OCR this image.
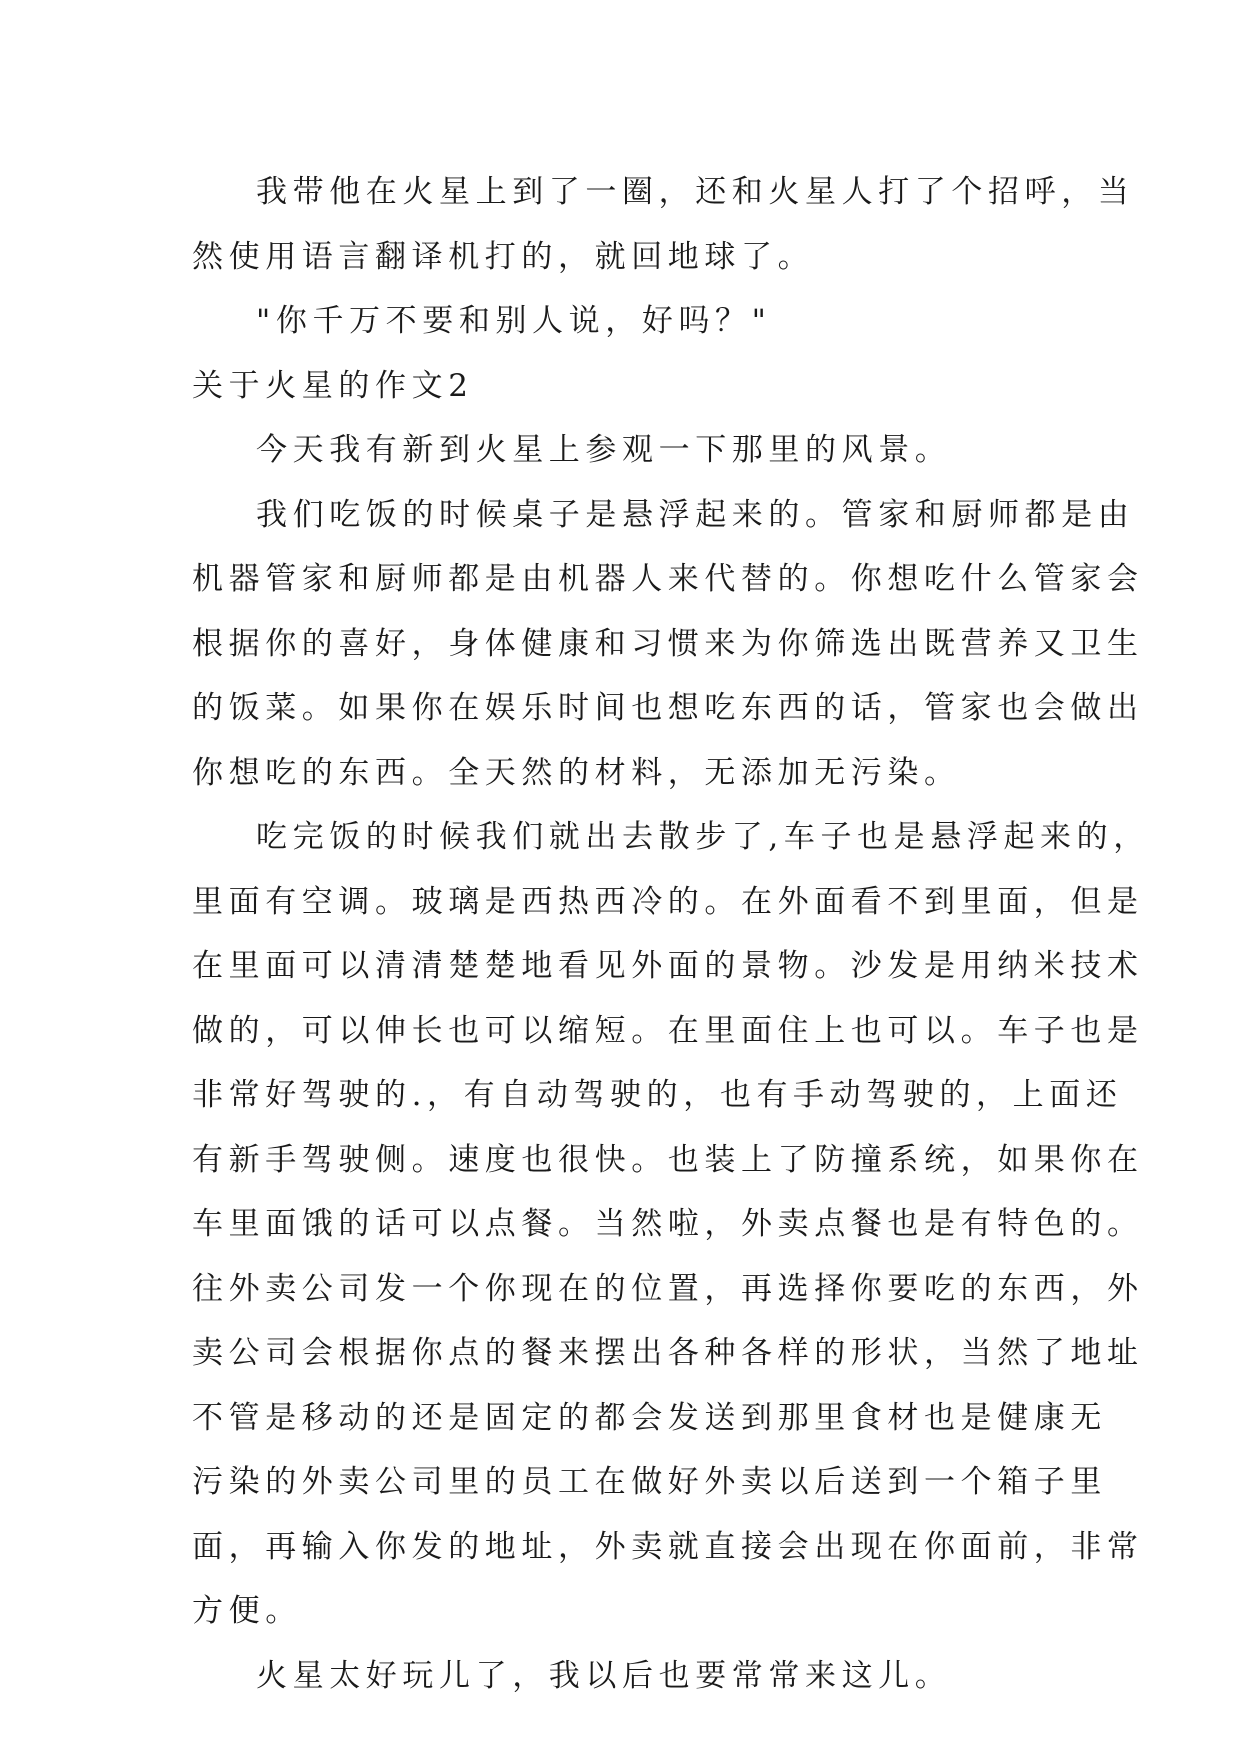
我带他在火星上到了一圈，还和火星人打了个招呼，当
然使用语言翻译机打的，就回地球了。
"你千万不要和别人说，好吗？"
关于火星的作文2
今天我有新到火星上参观一下那里的风景。
我们吃饭的时候桌子是悬浮起来的。管家和厨师都是由
机器管家和厨师都是由机器人来代替的。你想吃什么管家会
根据你的喜好，身体健康和习惯来为你筛选出既营养又卫生
的饭菜。如果你在娱乐时间也想吃东西的话，管家也会做出
你想吃的东西。全天然的材料，无添加无污染。
吃完饭的时候我们就出去散步了,车子也是悬浮起来的，
里面有空调。玻璃是西热西冷的。在外面看不到里面，但是
在里面可以清清楚楚地看见外面的景物。沙发是用纳米技术
做的，可以伸长也可以缩短。在里面住上也可以。车子也是
非常好驾驶的.，有自动驾驶的，也有手动驾驶的，上面还
有新手驾驶侧。速度也很快。也装上了防撞系统，如果你在
车里面饿的话可以点餐。当然啦，外卖点餐也是有特色的。
往外卖公司发一个你现在的位置，再选择你要吃的东西，外
卖公司会根据你点的餐来摆出各种各样的形状，当然了地址
不管是移动的还是固定的都会发送到那里食材也是健康无
污染的外卖公司里的员工在做好外卖以后送到一个箱子里
面，再输入你发的地址，外卖就直接会出现在你面前，非常
方便。
火星太好玩儿了，我以后也要常常来这儿。
